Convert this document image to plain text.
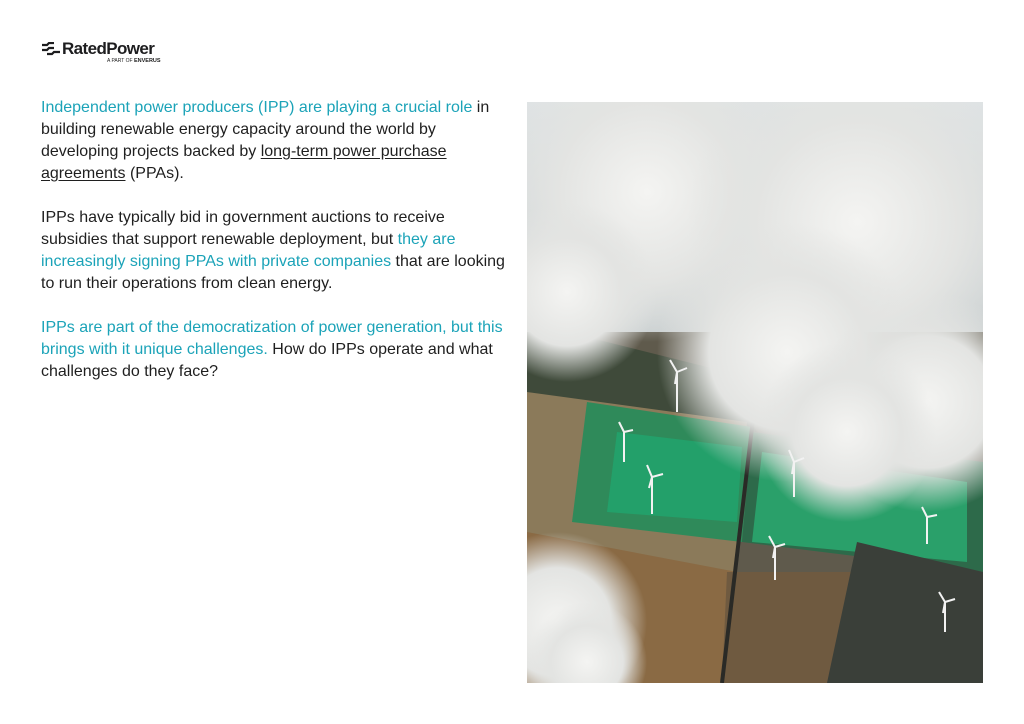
RatedPower
A PART OF ENVERUS

Independent power producers (IPP) are playing a crucial role in building renewable energy capacity around the world by developing projects backed by long-term power purchase agreements (PPAs).

IPPs have typically bid in government auctions to receive subsidies that support renewable deployment, but they are increasingly signing PPAs with private companies that are looking to run their operations from clean energy.

IPPs are part of the democratization of power generation, but this brings with it unique challenges. How do IPPs operate and what challenges do they face?
